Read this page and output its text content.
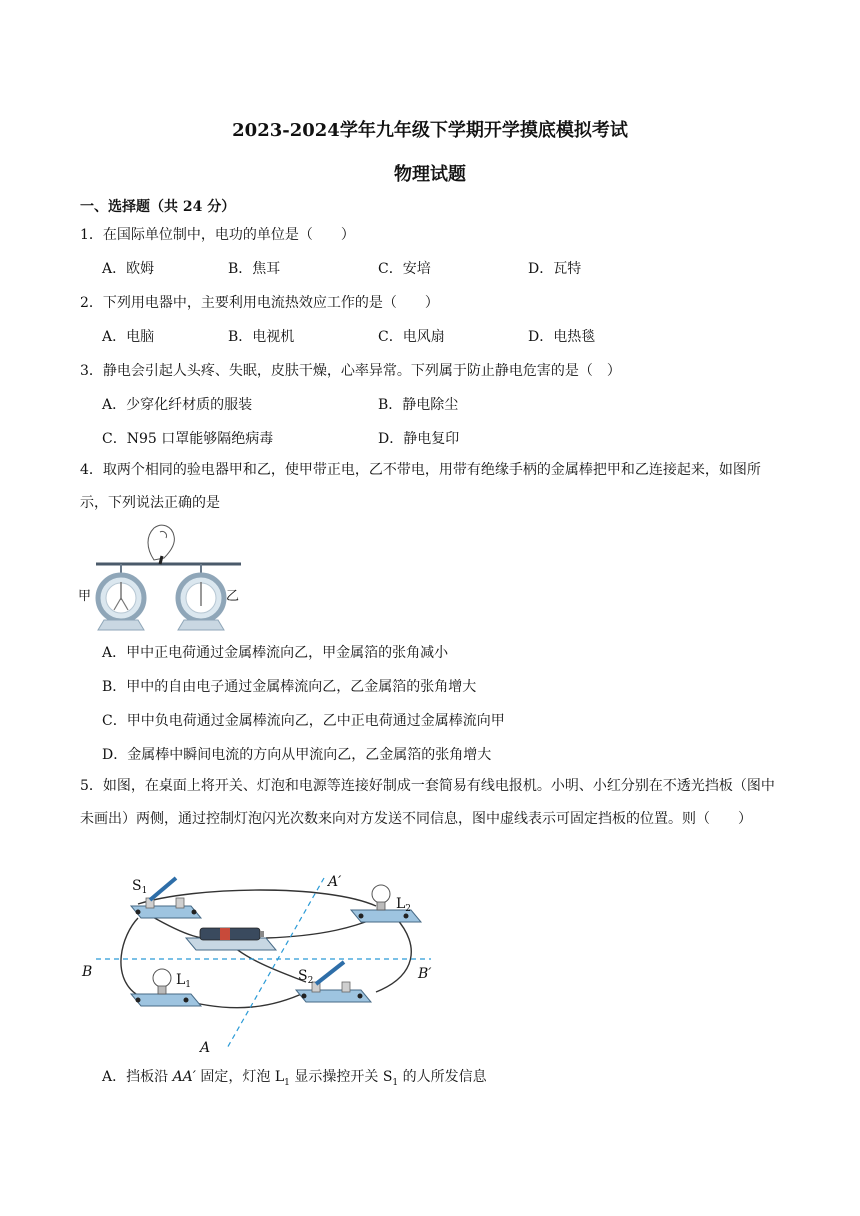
2023-2024学年九年级下学期开学摸底模拟考试
物理试题
一、选择题（共 24 分）
1．在国际单位制中，电功的单位是（　　）
A．欧姆	B．焦耳	C．安培	D．瓦特
2．下列用电器中，主要利用电流热效应工作的是（　　）
A．电脑	B．电视机	C．电风扇	D．电热毯
3．静电会引起人头疼、失眠，皮肤干燥，心率异常。下列属于防止静电危害的是（　）
A．少穿化纤材质的服装	B．静电除尘
C．N95 口罩能够隔绝病毒	D．静电复印
4．取两个相同的验电器甲和乙，使甲带正电，乙不带电，用带有绝缘手柄的金属棒把甲和乙连接起来，如图所示，下列说法正确的是
甲	乙
A．甲中正电荷通过金属棒流向乙，甲金属箔的张角减小
B．甲中的自由电子通过金属棒流向乙，乙金属箔的张角增大
C．甲中负电荷通过金属棒流向乙，乙中正电荷通过金属棒流向甲
D．金属棒中瞬间电流的方向从甲流向乙，乙金属箔的张角增大
5．如图，在桌面上将开关、灯泡和电源等连接好制成一套简易有线电报机。小明、小红分别在不透光挡板（图中未画出）两侧，通过控制灯泡闪光次数来向对方发送不同信息，图中虚线表示可固定挡板的位置。则（　　）
$S_1$
$L_2$
$L_1$
$S_2$
A′
A
B	B′
A．挡板沿 AA′ 固定，灯泡 $L_1$ 显示操控开关 $S_1$ 的人所发信息
